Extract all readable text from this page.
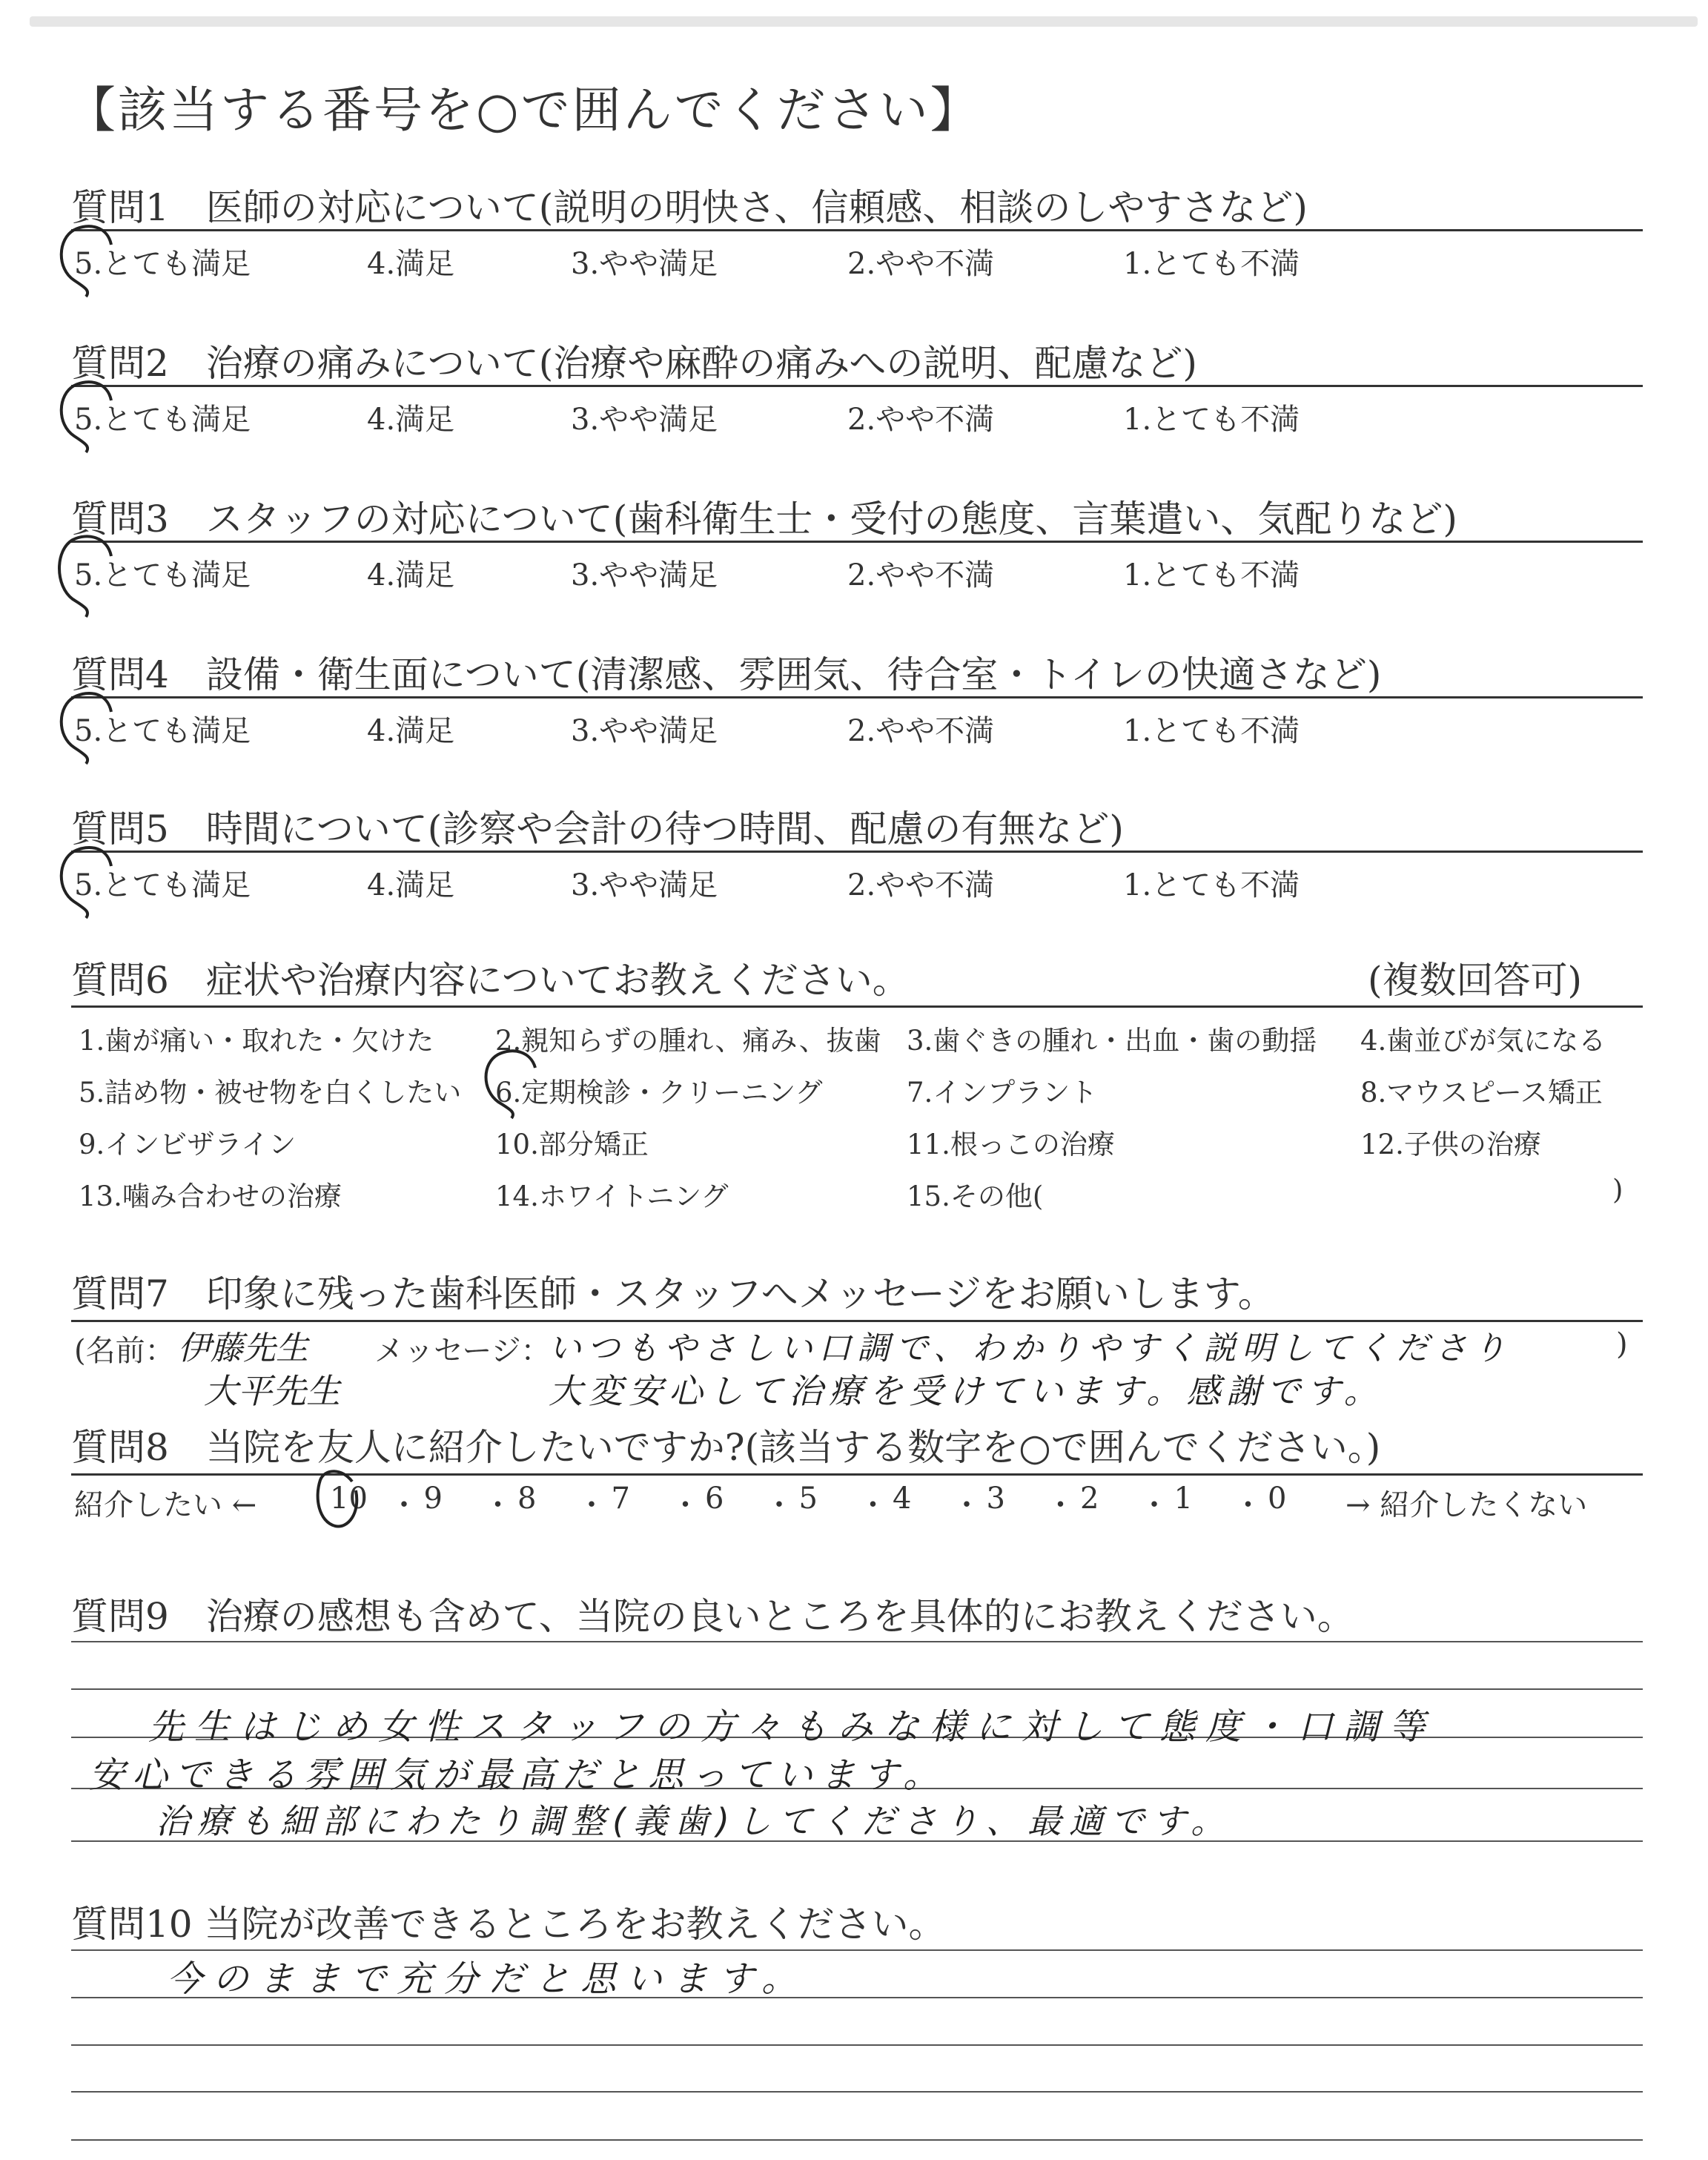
【該当する番号を○で囲んでください】
質問1　医師の対応について(説明の明快さ、信頼感、相談のしやすさなど)
5.とても満足	4.満足	3.やや満足	2.やや不満	1.とても不満
質問2　治療の痛みについて(治療や麻酔の痛みへの説明、配慮など)
5.とても満足	4.満足	3.やや満足	2.やや不満	1.とても不満
質問3　スタッフの対応について(歯科衛生士・受付の態度、言葉遣い、気配りなど)
5.とても満足	4.満足	3.やや満足	2.やや不満	1.とても不満
質問4　設備・衛生面について(清潔感、雰囲気、待合室・トイレの快適さなど)
5.とても満足	4.満足	3.やや満足	2.やや不満	1.とても不満
質問5　時間について(診察や会計の待つ時間、配慮の有無など)
5.とても満足	4.満足	3.やや満足	2.やや不満	1.とても不満
質問6　症状や治療内容についてお教えください。	(複数回答可)
1.歯が痛い・取れた・欠けた 2.親知らずの腫れ、痛み、抜歯 3.歯ぐきの腫れ・出血・歯の動揺 4.歯並びが気になる
5.詰め物・被せ物を白くしたい 6.定期検診・クリーニング	7.インプラント	8.マウスピース矯正
9.インビザライン	10.部分矯正	11.根っこの治療	12.子供の治療
13.噛み合わせの治療	14.ホワイトニング	15.その他(	)
質問7　印象に残った歯科医師・スタッフへメッセージをお願いします。
(名前： 伊藤先生 メッセージ：
いつもやさしい口調で、わかりやすく説明してくださり	)
大平先生	大変安心して治療を受けています。感謝です。
質問8　当院を友人に紹介したいですか?(該当する数字を○で囲んでください。)
紹介したい ← 10 ・ 9 ・ 8 ・ 7 ・ 6 ・ 5 ・ 4 ・ 3 ・ 2 ・ 1 ・ 0 → 紹介したくない
質問9　治療の感想も含めて、当院の良いところを具体的にお教えください。
先生はじめ女性スタッフの方々もみな様に対して態度・口調等
安心できる雰囲気が最高だと思っています。
治療も細部にわたり調整(義歯)してくださり、最適です。
質問10 当院が改善できるところをお教えください。
今のままで充分だと思います。
